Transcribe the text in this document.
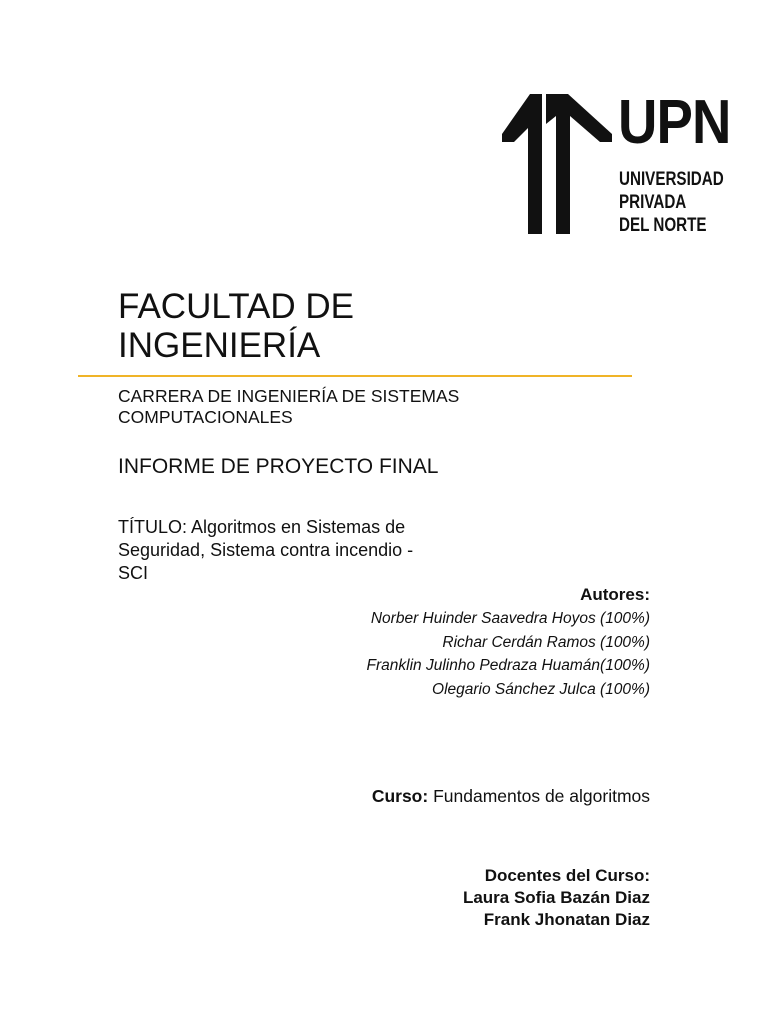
UPN
UNIVERSIDAD
PRIVADA
DEL NORTE
FACULTAD DE INGENIERÍA
CARRERA DE INGENIERÍA DE SISTEMAS COMPUTACIONALES
INFORME DE PROYECTO FINAL
TÍTULO: Algoritmos en Sistemas de Seguridad, Sistema contra incendio - SCI
Autores:
Norber Huinder Saavedra Hoyos (100%)
Richar Cerdán Ramos (100%)
Franklin Julinho Pedraza Huamán(100%)
Olegario Sánchez Julca (100%)
Curso: Fundamentos de algoritmos
Docentes del Curso:
Laura Sofia Bazán Diaz
Frank Jhonatan Diaz
